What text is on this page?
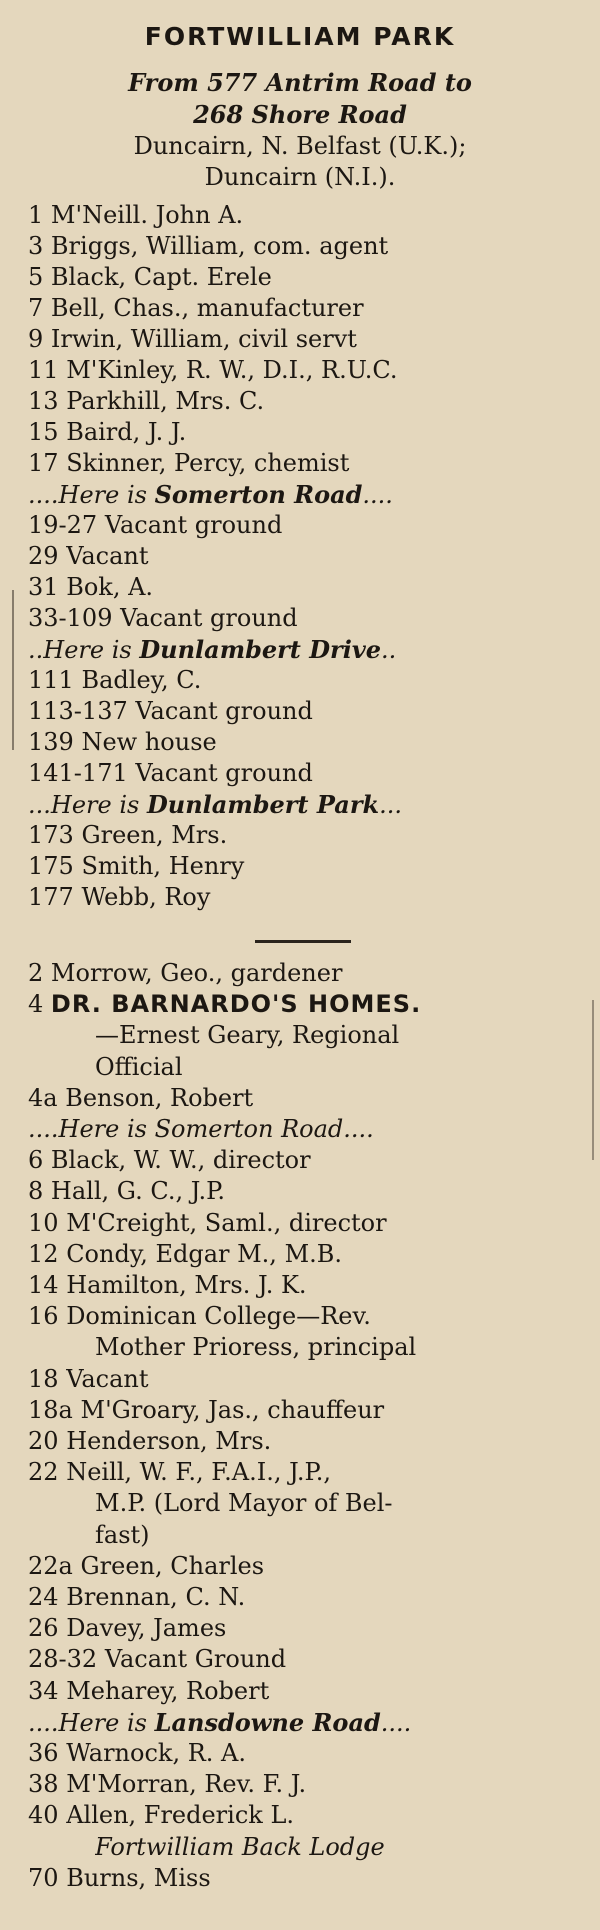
FORTWILLIAM PARK
From 577 Antrim Road to
268 Shore Road
Duncairn, N. Belfast (U.K.);
Duncairn (N.I.).
1 M'Neill. John A.
3 Briggs, William, com. agent
5 Black, Capt. Erele
7 Bell, Chas., manufacturer
9 Irwin, William, civil servt
11 M'Kinley, R. W., D.I., R.U.C.
13 Parkhill, Mrs. C.
15 Baird, J. J.
17 Skinner, Percy, chemist
....Here is Somerton Road....
19-27 Vacant ground
29 Vacant
31 Bok, A.
33-109 Vacant ground
..Here is Dunlambert Drive..
111 Badley, C.
113-137 Vacant ground
139 New house
141-171 Vacant ground
...Here is Dunlambert Park...
173 Green, Mrs.
175 Smith, Henry
177 Webb, Roy
2 Morrow, Geo., gardener
4 DR. BARNARDO'S HOMES.
—Ernest Geary, Regional
Official
4a Benson, Robert
....Here is Somerton Road....
6 Black, W. W., director
8 Hall, G. C., J.P.
10 M'Creight, Saml., director
12 Condy, Edgar M., M.B.
14 Hamilton, Mrs. J. K.
16 Dominican College—Rev.
Mother Prioress, principal
18 Vacant
18a M'Groary, Jas., chauffeur
20 Henderson, Mrs.
22 Neill, W. F., F.A.I., J.P.,
M.P. (Lord Mayor of Bel-
fast)
22a Green, Charles
24 Brennan, C. N.
26 Davey, James
28-32 Vacant Ground
34 Meharey, Robert
....Here is Lansdowne Road....
36 Warnock, R. A.
38 M'Morran, Rev. F. J.
40 Allen, Frederick L.
Fortwilliam Back Lodge
70 Burns, Miss
